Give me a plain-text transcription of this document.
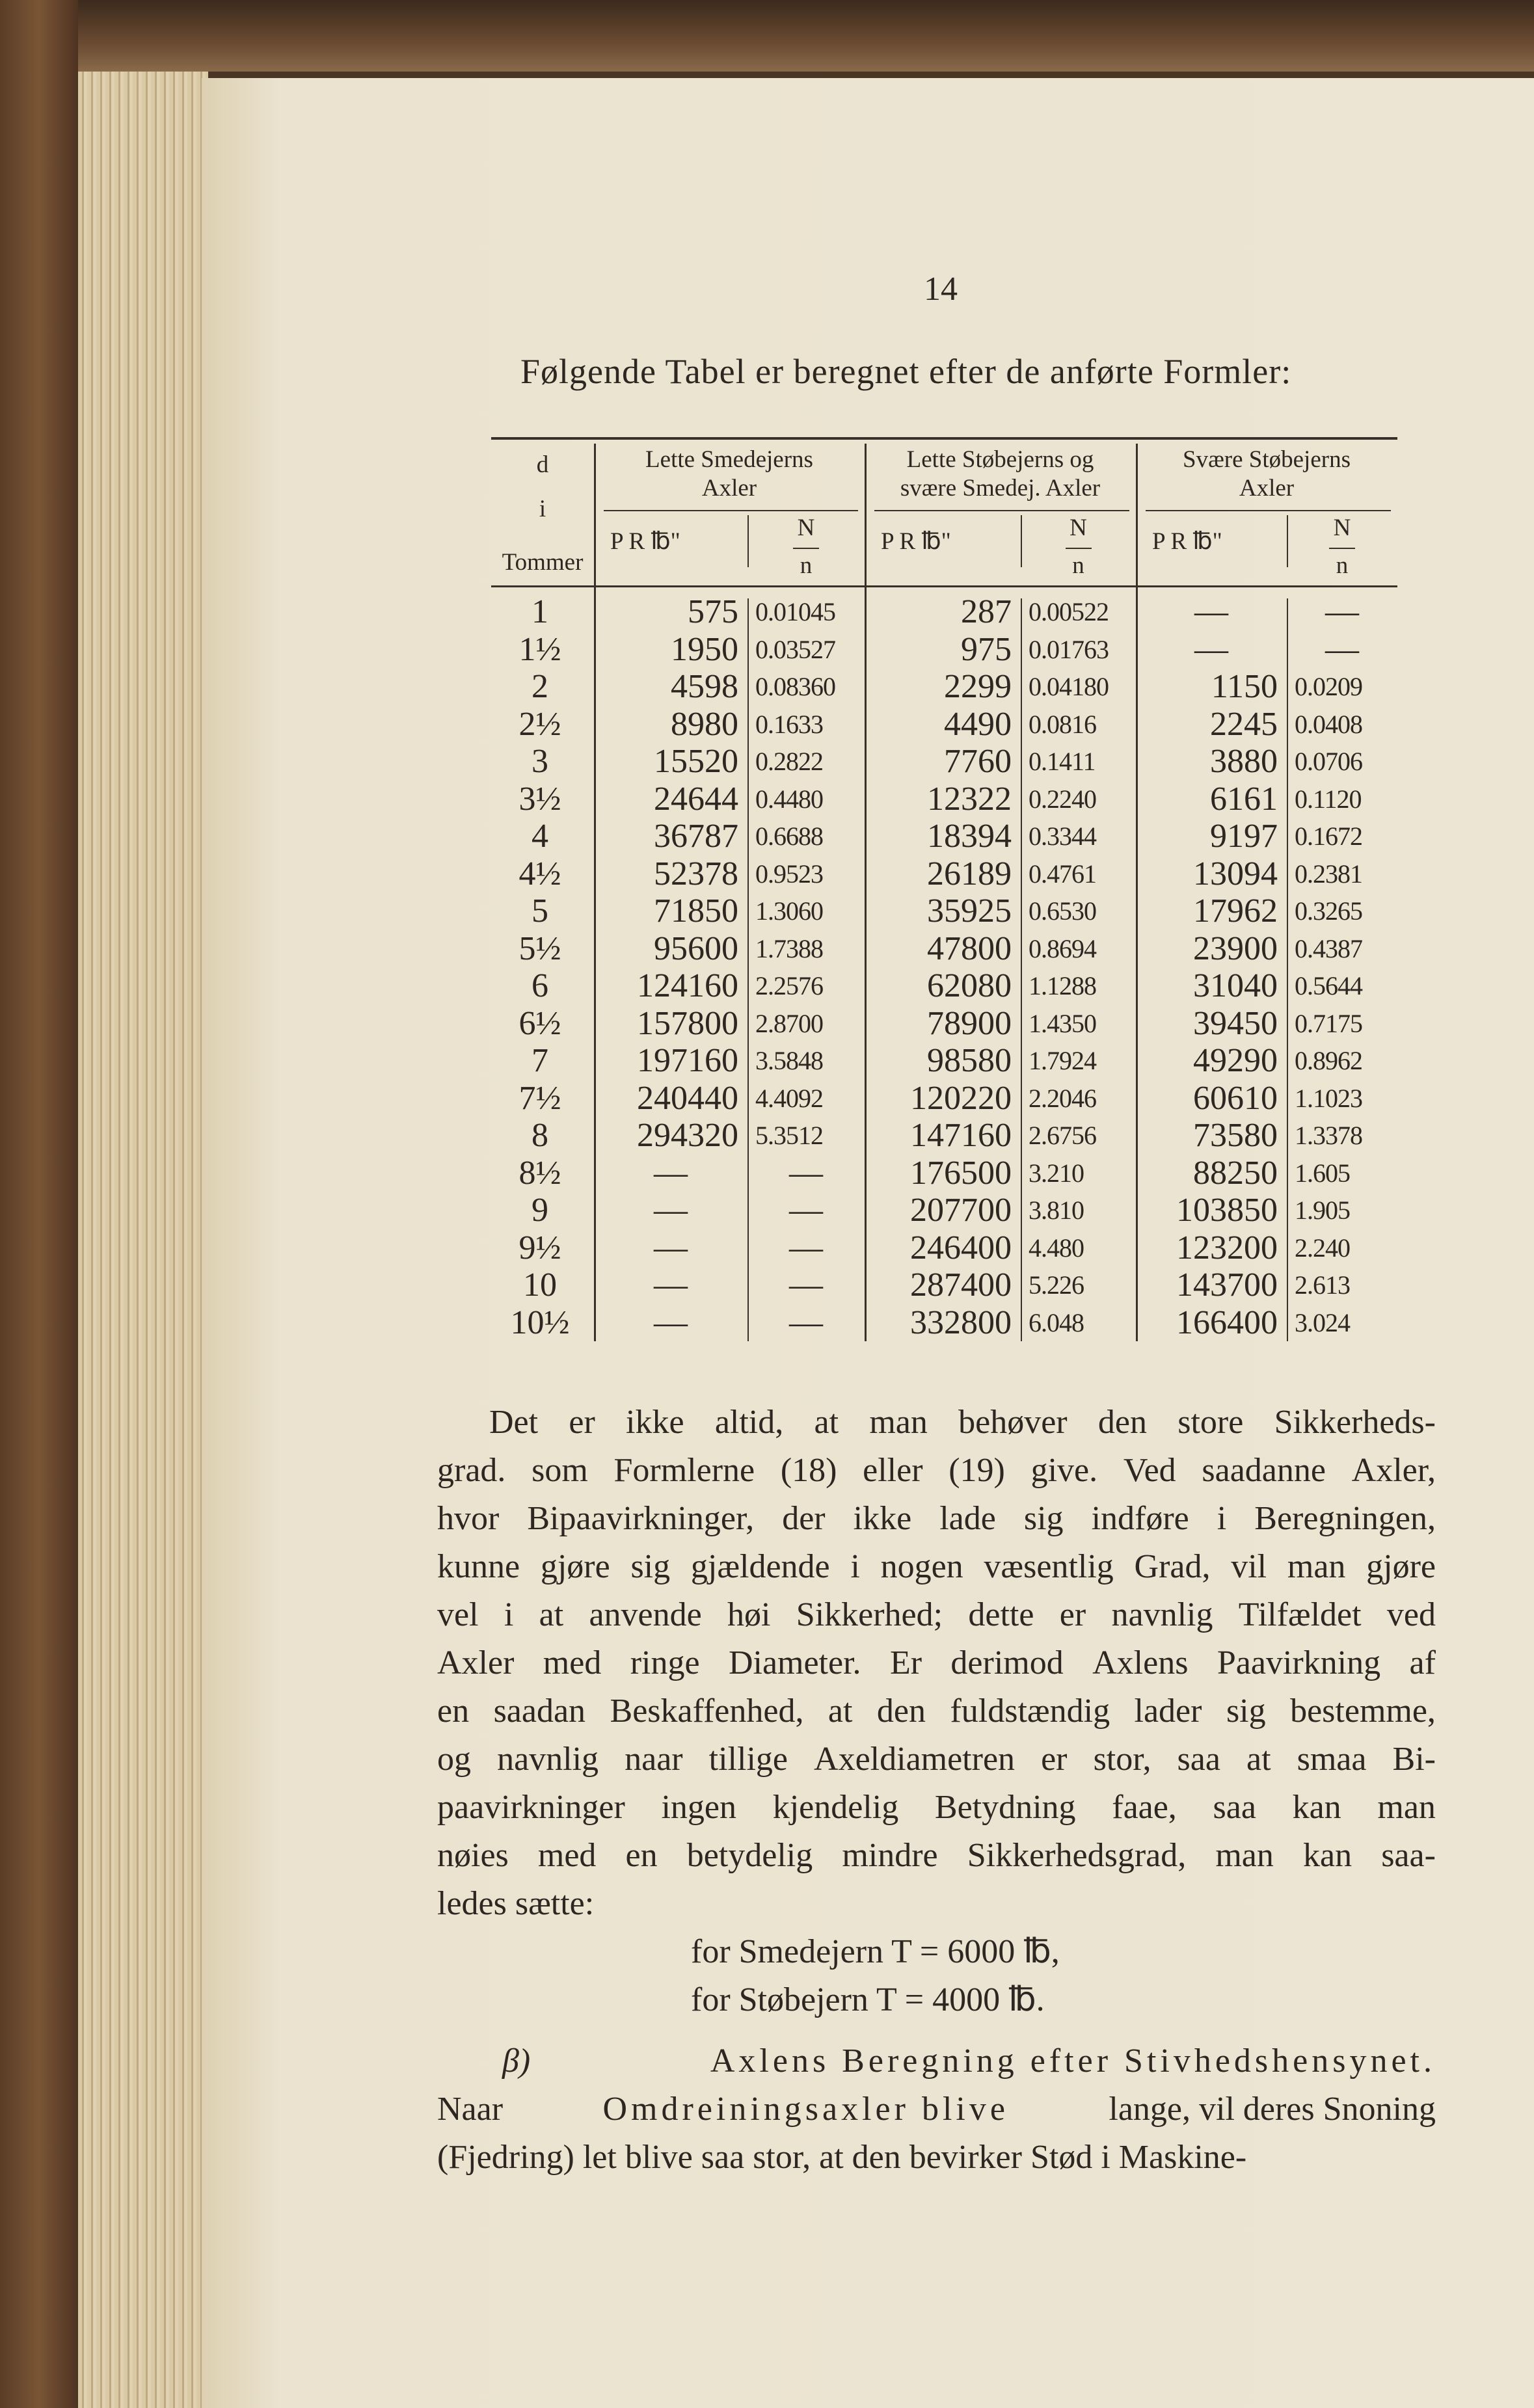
14
Følgende Tabel er beregnet efter de anførte Formler:
d
i
Tommer
Lette Smedejerns
Axler
P R ℔"
N
n
Lette Støbejerns og
svære Smedej. Axler
P R ℔"
N
n
Svære Støbejerns
Axler
P R ℔"
N
n
1	575 0.01045	287 0.00522	—	—
1½	1950 0.03527	975 0.01763	—	—
2	4598 0.08360	2299 0.04180	1150 0.0209
2½	8980 0.1633	4490 0.0816	2245 0.0408
3	15520 0.2822	7760 0.1411	3880 0.0706
3½	24644 0.4480	12322 0.2240	6161 0.1120
4	36787 0.6688	18394 0.3344	9197 0.1672
4½	52378 0.9523	26189 0.4761	13094 0.2381
5	71850 1.3060	35925 0.6530	17962 0.3265
5½	95600 1.7388	47800 0.8694	23900 0.4387
6	124160 2.2576	62080 1.1288	31040 0.5644
6½	157800 2.8700	78900 1.4350	39450 0.7175
7	197160 3.5848	98580 1.7924	49290 0.8962
7½	240440 4.4092	120220 2.2046	60610 1.1023
8	294320 5.3512	147160 2.6756	73580 1.3378
8½	—	—	176500 3.210	88250 1.605
9	—	—	207700 3.810	103850 1.905
9½	—	—	246400 4.480	123200 2.240
10	—	—	287400 5.226	143700 2.613
10½	—	—	332800 6.048	166400 3.024
Det er ikke altid, at man behøver den store Sikkerheds-
grad. som Formlerne (18) eller (19) give. Ved saadanne Axler,
hvor Bipaavirkninger, der ikke lade sig indføre i Beregningen,
kunne gjøre sig gjældende i nogen væsentlig Grad, vil man gjøre
vel i at anvende høi Sikkerhed; dette er navnlig Tilfældet ved
Axler med ringe Diameter. Er derimod Axlens Paavirkning af
en saadan Beskaffenhed, at den fuldstændig lader sig bestemme,
og navnlig naar tillige Axeldiametren er stor, saa at smaa Bi-
paavirkninger ingen kjendelig Betydning faae, saa kan man
nøies med en betydelig mindre Sikkerhedsgrad, man kan saa-
ledes sætte:
for Smedejern T = 6000 ℔,
for Støbejern T = 4000 ℔.
β)	Axlens Beregning efter Stivhedshensynet.
Naar	Omdreiningsaxler blive	lange, vil deres Snoning
(Fjedring) let blive saa stor, at den bevirker Stød i Maskine-
